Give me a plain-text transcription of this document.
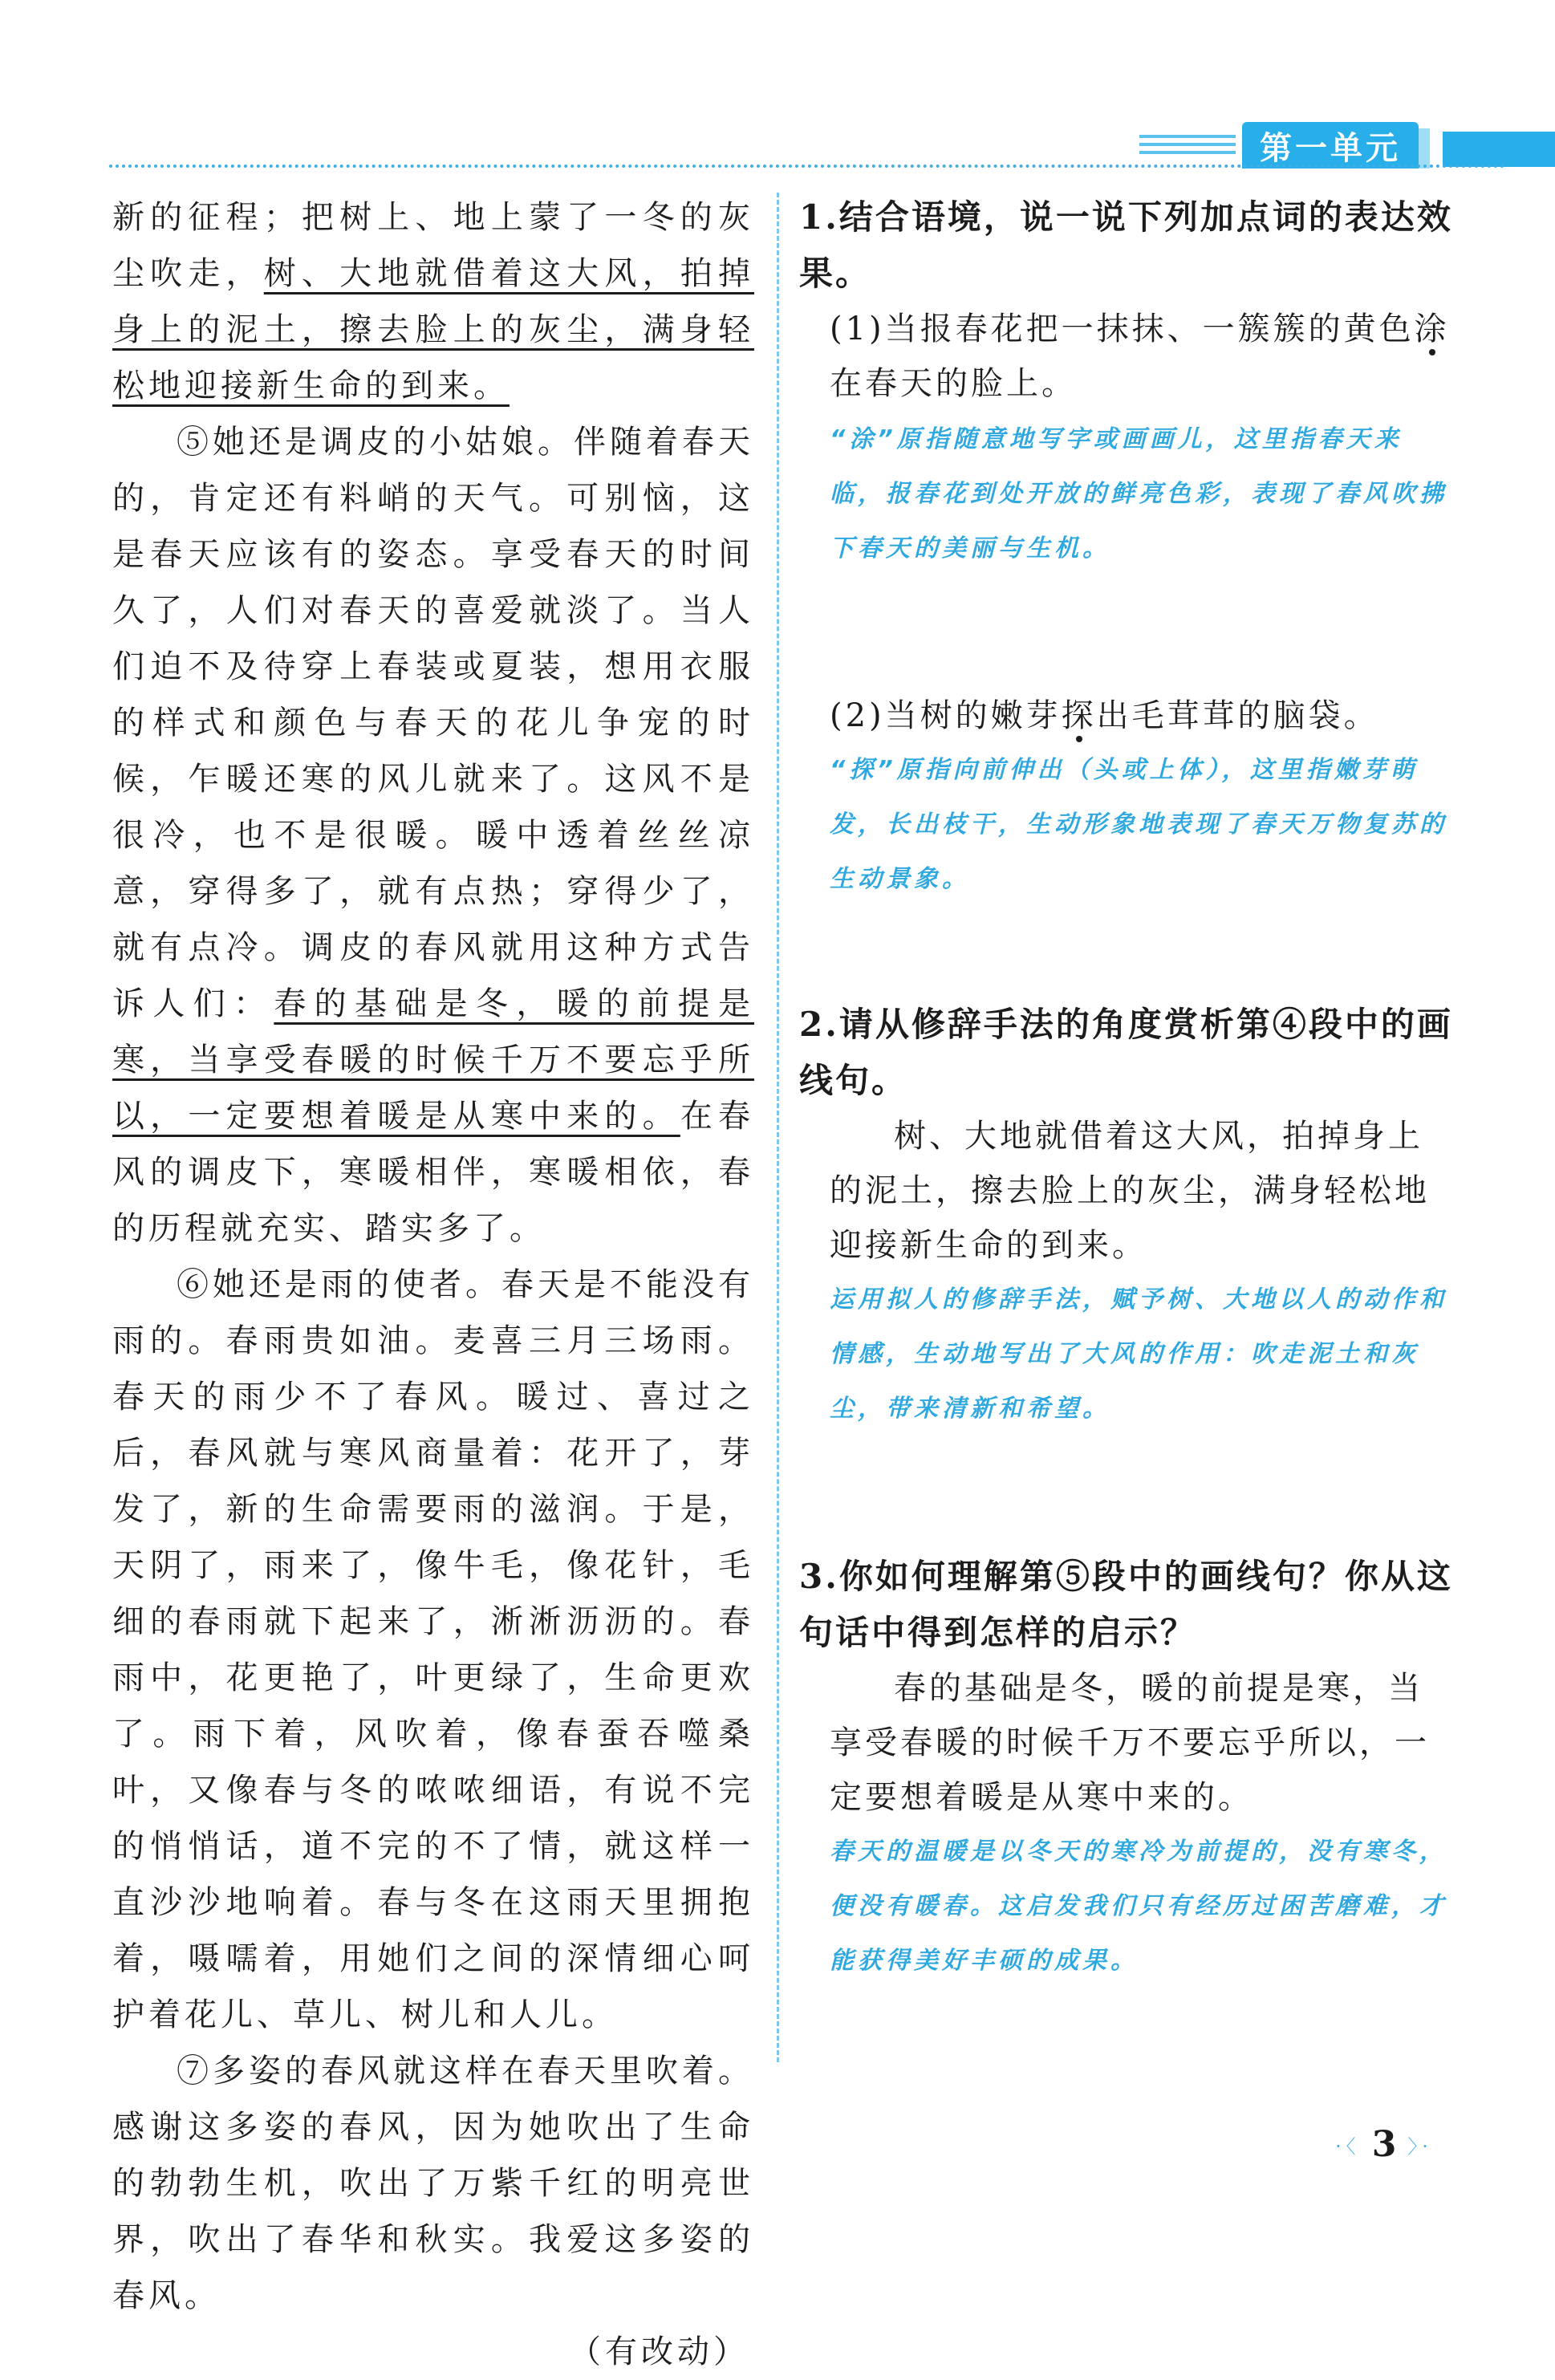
第一单元

新的征程；把树上、地上蒙了一冬的灰尘吹走，树、大地就借着这大风，拍掉身上的泥土，擦去脸上的灰尘，满身轻松地迎接新生命的到来。

⑤她还是调皮的小姑娘。伴随着春天的，肯定还有料峭的天气。可别恼，这是春天应该有的姿态。享受春天的时间久了，人们对春天的喜爱就淡了。当人们迫不及待穿上春装或夏装，想用衣服的样式和颜色与春天的花儿争宠的时候，乍暖还寒的风儿就来了。这风不是很冷，也不是很暖。暖中透着丝丝凉意，穿得多了，就有点热；穿得少了，就有点冷。调皮的春风就用这种方式告诉人们：春的基础是冬，暖的前提是寒，当享受春暖的时候千万不要忘乎所以，一定要想着暖是从寒中来的。在春风的调皮下，寒暖相伴，寒暖相依，春的历程就充实、踏实多了。

⑥她还是雨的使者。春天是不能没有雨的。春雨贵如油。麦喜三月三场雨。春天的雨少不了春风。暖过、喜过之后，春风就与寒风商量着：花开了，芽发了，新的生命需要雨的滋润。于是，天阴了，雨来了，像牛毛，像花针，毛细的春雨就下起来了，淅淅沥沥的。春雨中，花更艳了，叶更绿了，生命更欢了。雨下着，风吹着，像春蚕吞噬桑叶，又像春与冬的哝哝细语，有说不完的悄悄话，道不完的不了情，就这样一直沙沙地响着。春与冬在这雨天里拥抱着，嗫嚅着，用她们之间的深情细心呵护着花儿、草儿、树儿和人儿。

⑦多姿的春风就这样在春天里吹着。感谢这多姿的春风，因为她吹出了生命的勃勃生机，吹出了万紫千红的明亮世界，吹出了春华和秋实。我爱这多姿的春风。

（有改动）

1.结合语境，说一说下列加点词的表达效果。
(1)当报春花把一抹抹、一簇簇的黄色涂在春天的脸上。
“涂”原指随意地写字或画画儿，这里指春天来临，报春花到处开放的鲜亮色彩，表现了春风吹拂下春天的美丽与生机。
(2)当树的嫩芽探出毛茸茸的脑袋。
“探”原指向前伸出（头或上体），这里指嫩芽萌发，长出枝干，生动形象地表现了春天万物复苏的生动景象。
2.请从修辞手法的角度赏析第④段中的画线句。
树、大地就借着这大风，拍掉身上的泥土，擦去脸上的灰尘，满身轻松地迎接新生命的到来。
运用拟人的修辞手法，赋予树、大地以人的动作和情感，生动地写出了大风的作用：吹走泥土和灰尘，带来清新和希望。
3.你如何理解第⑤段中的画线句？你从这句话中得到怎样的启示？
春的基础是冬，暖的前提是寒，当享受春暖的时候千万不要忘乎所以，一定要想着暖是从寒中来的。
春天的温暖是以冬天的寒冷为前提的，没有寒冬，便没有暖春。这启发我们只有经历过困苦磨难，才能获得美好丰硕的成果。
·〈 3 〉·
